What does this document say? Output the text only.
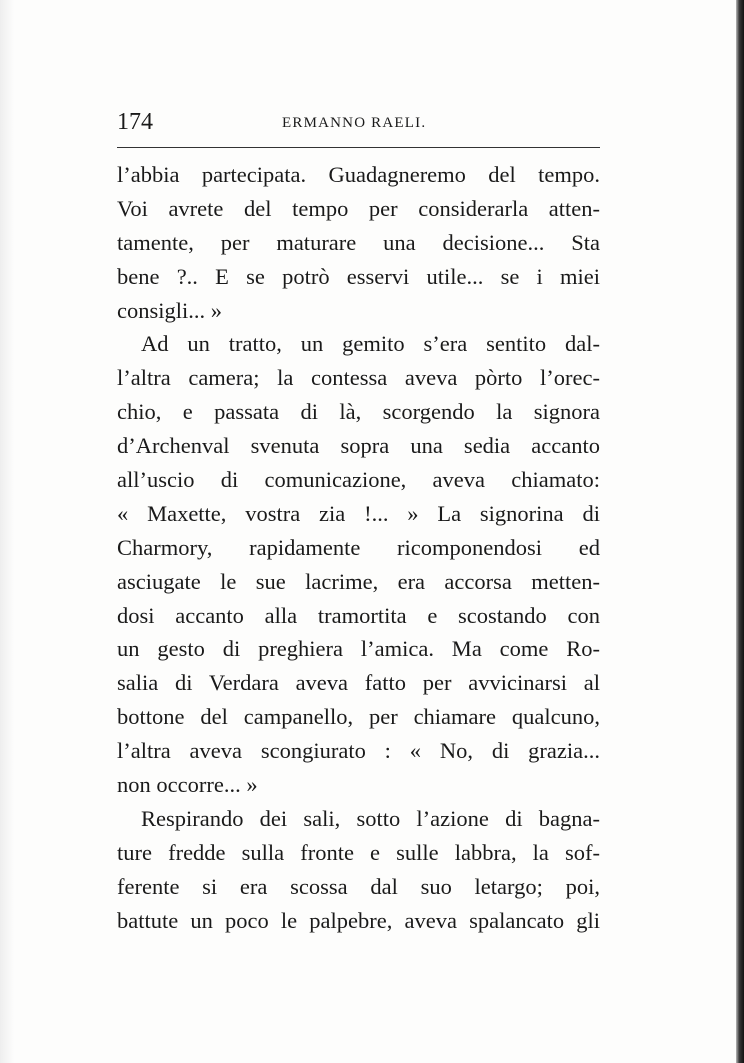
174	ERMANNO RAELI.
l’abbia partecipata. Guadagneremo del tempo.
Voi avrete del tempo per considerarla atten-
tamente, per maturare una decisione... Sta
bene ?.. E se potrò esservi utile... se i miei
consigli... »
Ad un tratto, un gemito s’era sentito dal-
l’altra camera; la contessa aveva pòrto l’orec-
chio, e passata di là, scorgendo la signora
d’Archenval svenuta sopra una sedia accanto
all’uscio di comunicazione, aveva chiamato:
« Maxette, vostra zia !... » La signorina di
Charmory, rapidamente ricomponendosi ed
asciugate le sue lacrime, era accorsa metten-
dosi accanto alla tramortita e scostando con
un gesto di preghiera l’amica. Ma come Ro-
salia di Verdara aveva fatto per avvicinarsi al
bottone del campanello, per chiamare qualcuno,
l’altra aveva scongiurato : « No, di grazia...
non occorre... »
Respirando dei sali, sotto l’azione di bagna-
ture fredde sulla fronte e sulle labbra, la sof-
ferente si era scossa dal suo letargo; poi,
battute un poco le palpebre, aveva spalancato gli
